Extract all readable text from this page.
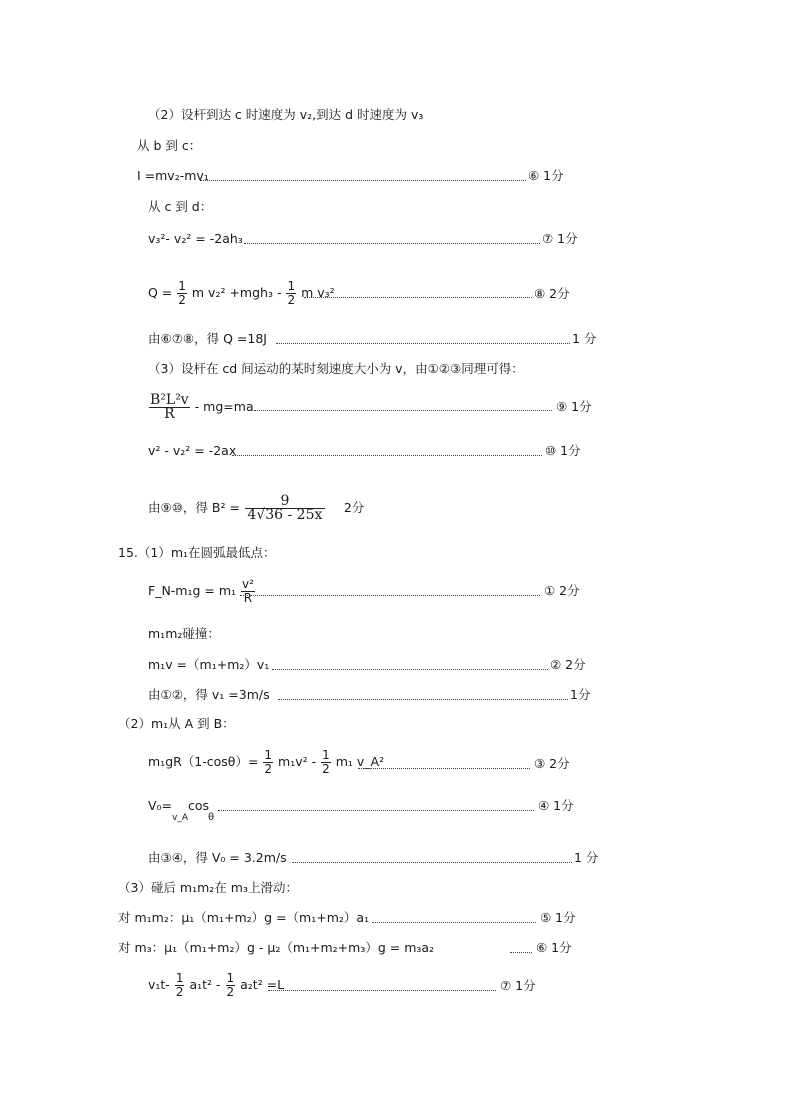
（2）设杆到达 c 时速度为 v₂,到达 d 时速度为 v₃
从 b 到 c：
I =mv₂-mv₁	⑥ 1分
从 c 到 d：
v₃²- v₂² = -2ah₃	⑦ 1分
$Q = \frac{1}{2}$ m $v_2^2 +mgh_3 - \frac{1}{2}$ m v₃²	⑧ 2分
由⑥⑦⑧，得 Q =18J	1 分
（3）设杆在 cd 间运动的某时刻速度大小为 v，由①②③同理可得：
$\frac{\text{B²L²v}}{R} - mg=ma$	⑨ 1分
v² - v₂² = -2ax	⑩ 1分
由⑨⑩，得 $B^2 = \frac{9}{4√36 - 25x} 2$分
15.（1）m₁在圆弧最低点：
F_N-m₁g = $m_1 \frac{\text{v²}}{R}$	① 2分
m₁m₂碰撞：
m₁v =（m₁+m₂）v₁	② 2分
由①②，得 v₁ =3m/s	1分
（2）m₁从 A 到 B：
$m_1gR(1-\cos\theta)= \frac{1}{2} m_1v^2 - \frac{1}{2} m_1$ v_A²	③ 2分
V₀=
v_A
cos
θ
④ 1分
由③④，得 V₀ = 3.2m/s	1 分
（3）碰后 m₁m₂在 m₃上滑动：
对 m₁m₂：μ₁（m₁+m₂）g =（m₁+m₂）a₁	⑤ 1分
对 m₃：μ₁（m₁+m₂）g - μ₂（m₁+m₂+m₃）g = m₃a₂	⑥ 1分
$v_1t- \frac{1}{2} a_1t^2 - \frac{1}{2} a_2t^2 =L$	⑦ 1分
